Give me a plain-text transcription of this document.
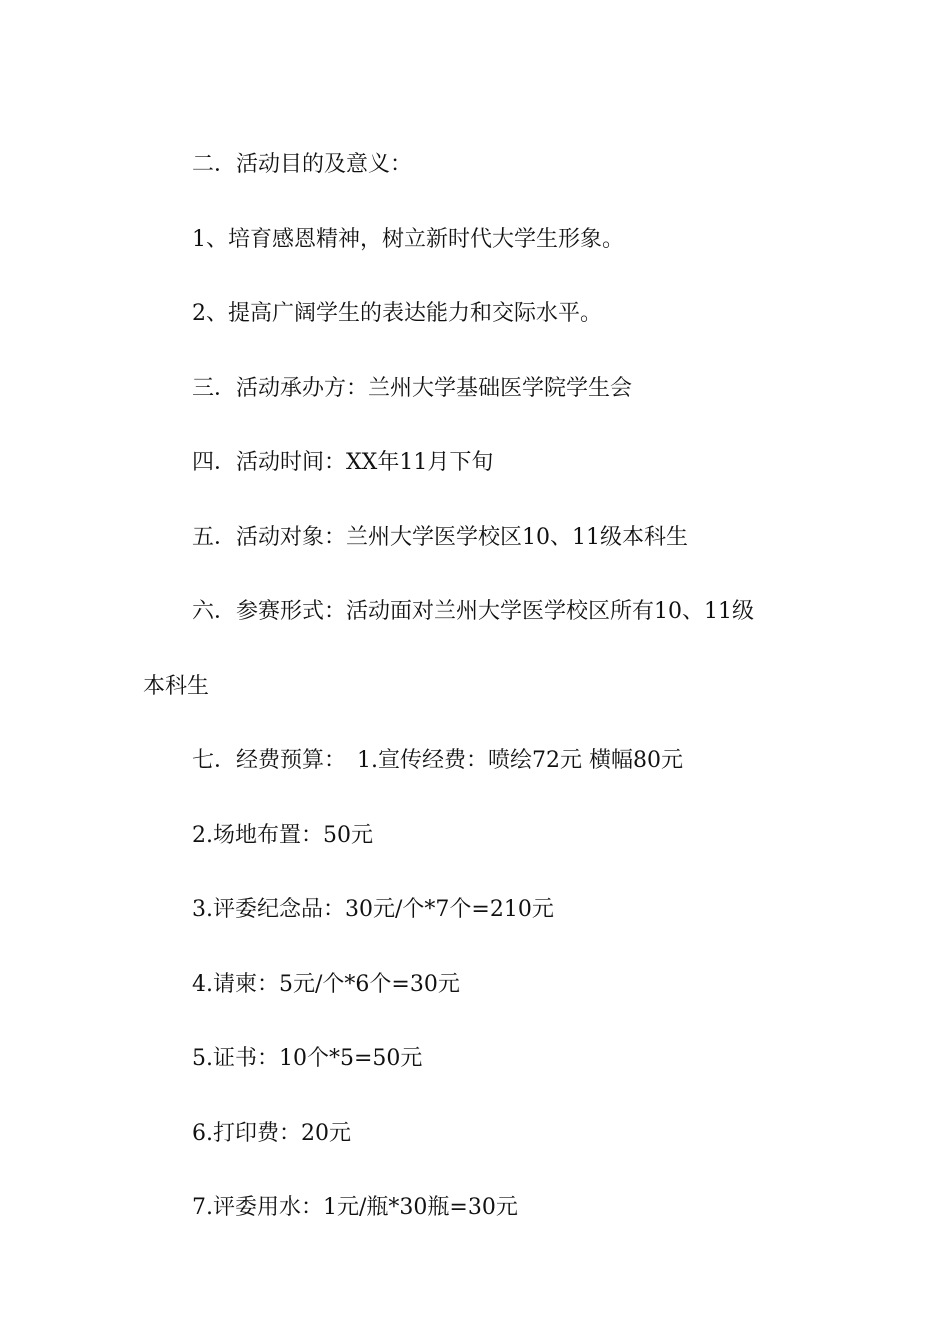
二．活动目的及意义：

1、培育感恩精神，树立新时代大学生形象。

2、提高广阔学生的表达能力和交际水平。

三．活动承办方：兰州大学基础医学院学生会

四．活动时间：XX年11月下旬

五．活动对象：兰州大学医学校区10、11级本科生

六．参赛形式：活动面对兰州大学医学校区所有10、11级

本科生

七．经费预算：　1.宣传经费：喷绘72元 横幅80元

2.场地布置：50元

3.评委纪念品：30元/个*7个=210元

4.请柬：5元/个*6个=30元

5.证书：10个*5=50元

6.打印费：20元

7.评委用水：1元/瓶*30瓶=30元
